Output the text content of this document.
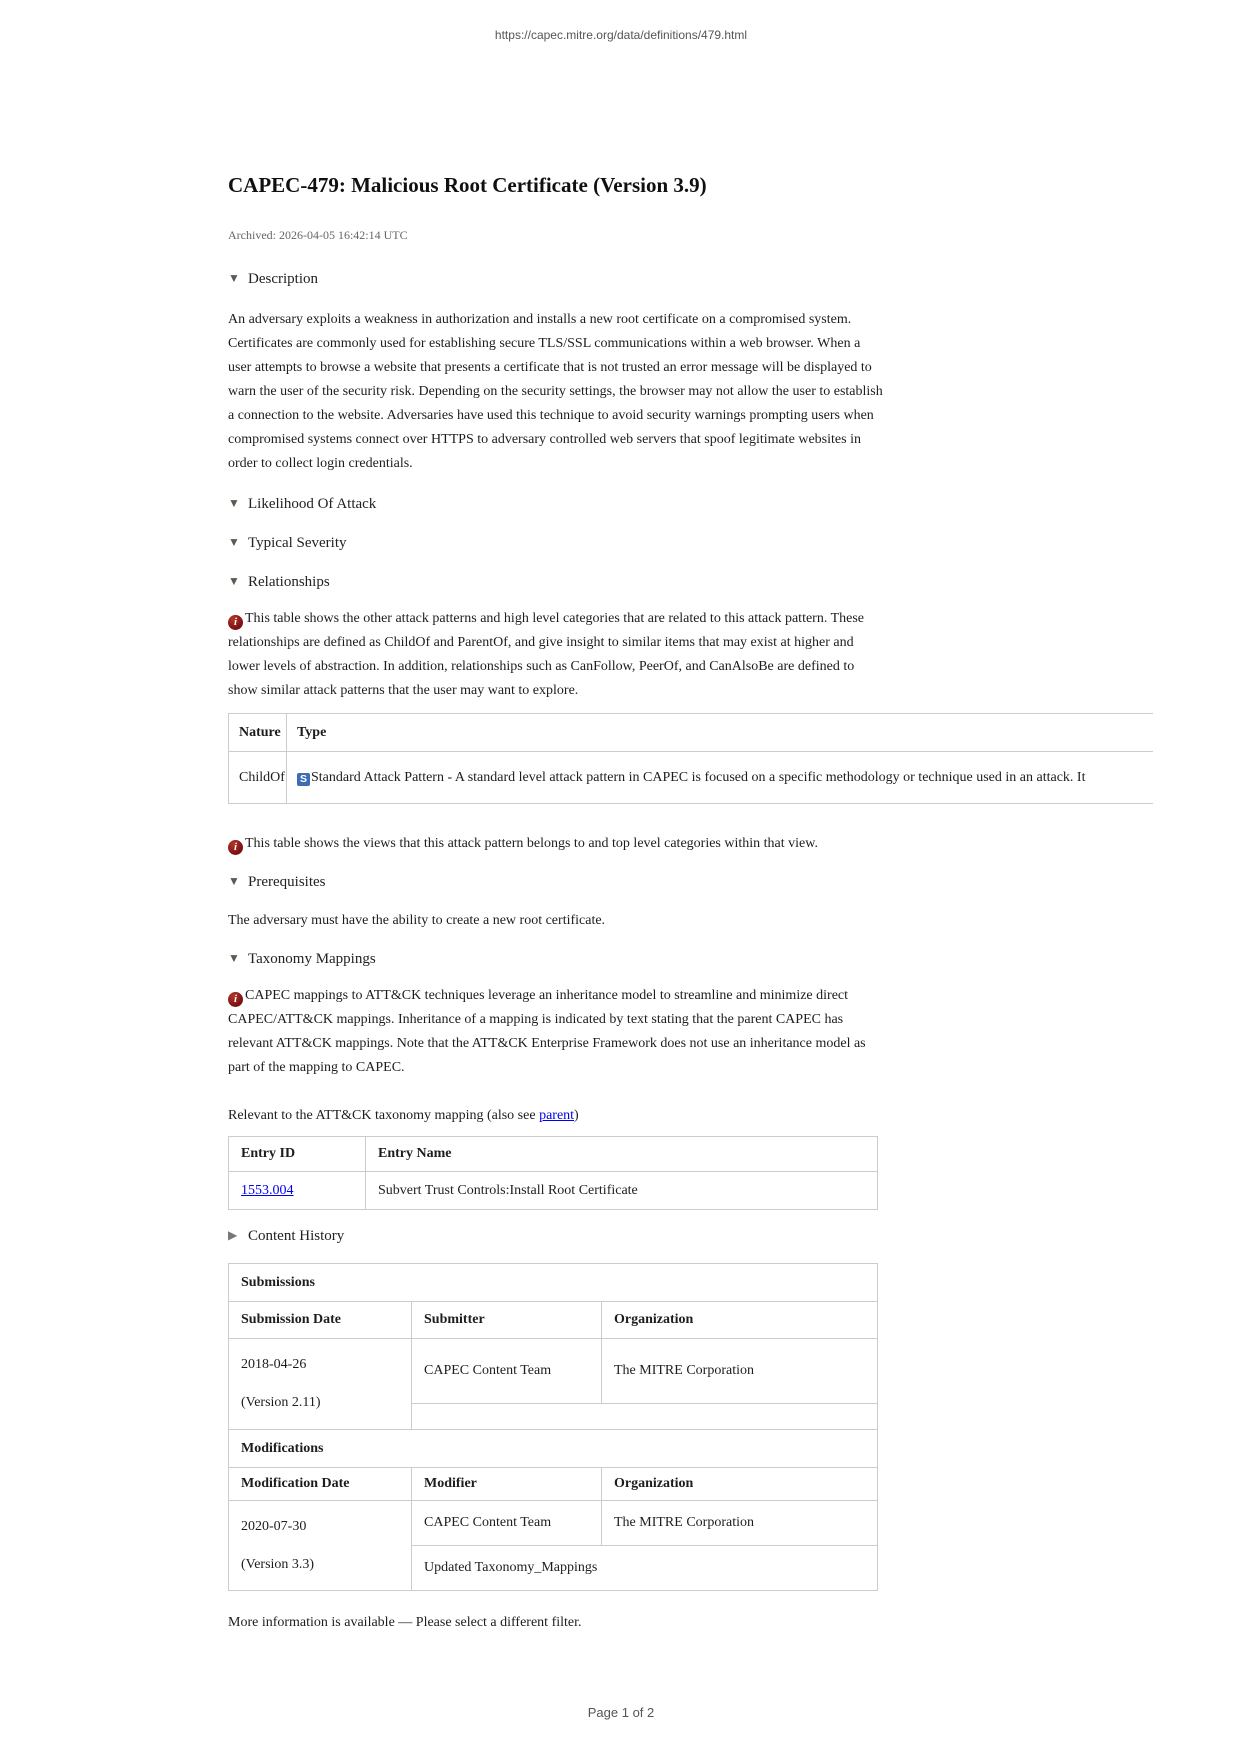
https://capec.mitre.org/data/definitions/479.html
CAPEC-479: Malicious Root Certificate (Version 3.9)
Archived: 2026-04-05 16:42:14 UTC
▼ Description

An adversary exploits a weakness in authorization and installs a new root certificate on a compromised system. Certificates are commonly used for establishing secure TLS/SSL communications within a web browser. When a user attempts to browse a website that presents a certificate that is not trusted an error message will be displayed to warn the user of the security risk. Depending on the security settings, the browser may not allow the user to establish a connection to the website. Adversaries have used this technique to avoid security warnings prompting users when compromised systems connect over HTTPS to adversary controlled web servers that spoof legitimate websites in order to collect login credentials.

▼ Likelihood Of Attack
▼ Typical Severity
▼ Relationships

i This table shows the other attack patterns and high level categories that are related to this attack pattern. These relationships are defined as ChildOf and ParentOf, and give insight to similar items that may exist at higher and lower levels of abstraction. In addition, relationships such as CanFollow, PeerOf, and CanAlsoBe are defined to show similar attack patterns that the user may want to explore.

Nature	Type
ChildOf	S Standard Attack Pattern - A standard level attack pattern in CAPEC is focused on a specific methodology or technique used in an attack. It

i This table shows the views that this attack pattern belongs to and top level categories within that view.

▼ Prerequisites

The adversary must have the ability to create a new root certificate.

▼ Taxonomy Mappings

i CAPEC mappings to ATT&CK techniques leverage an inheritance model to streamline and minimize direct CAPEC/ATT&CK mappings. Inheritance of a mapping is indicated by text stating that the parent CAPEC has relevant ATT&CK mappings. Note that the ATT&CK Enterprise Framework does not use an inheritance model as part of the mapping to CAPEC.

Relevant to the ATT&CK taxonomy mapping (also see parent)

Entry ID	Entry Name
1553.004	Subvert Trust Controls:Install Root Certificate
▶ Content History
Submissions		
Submission Date	Submitter	Organization

2018-04-26
(Version 2.11)	CAPEC Content Team	The MITRE Corporation

Modifications		
Modification Date	Modifier	Organization

2020-07-30
(Version 3.3)	CAPEC Content Team	The MITRE Corporation
	Updated Taxonomy_Mappings	

More information is available — Please select a different filter.

Page 1 of 2
